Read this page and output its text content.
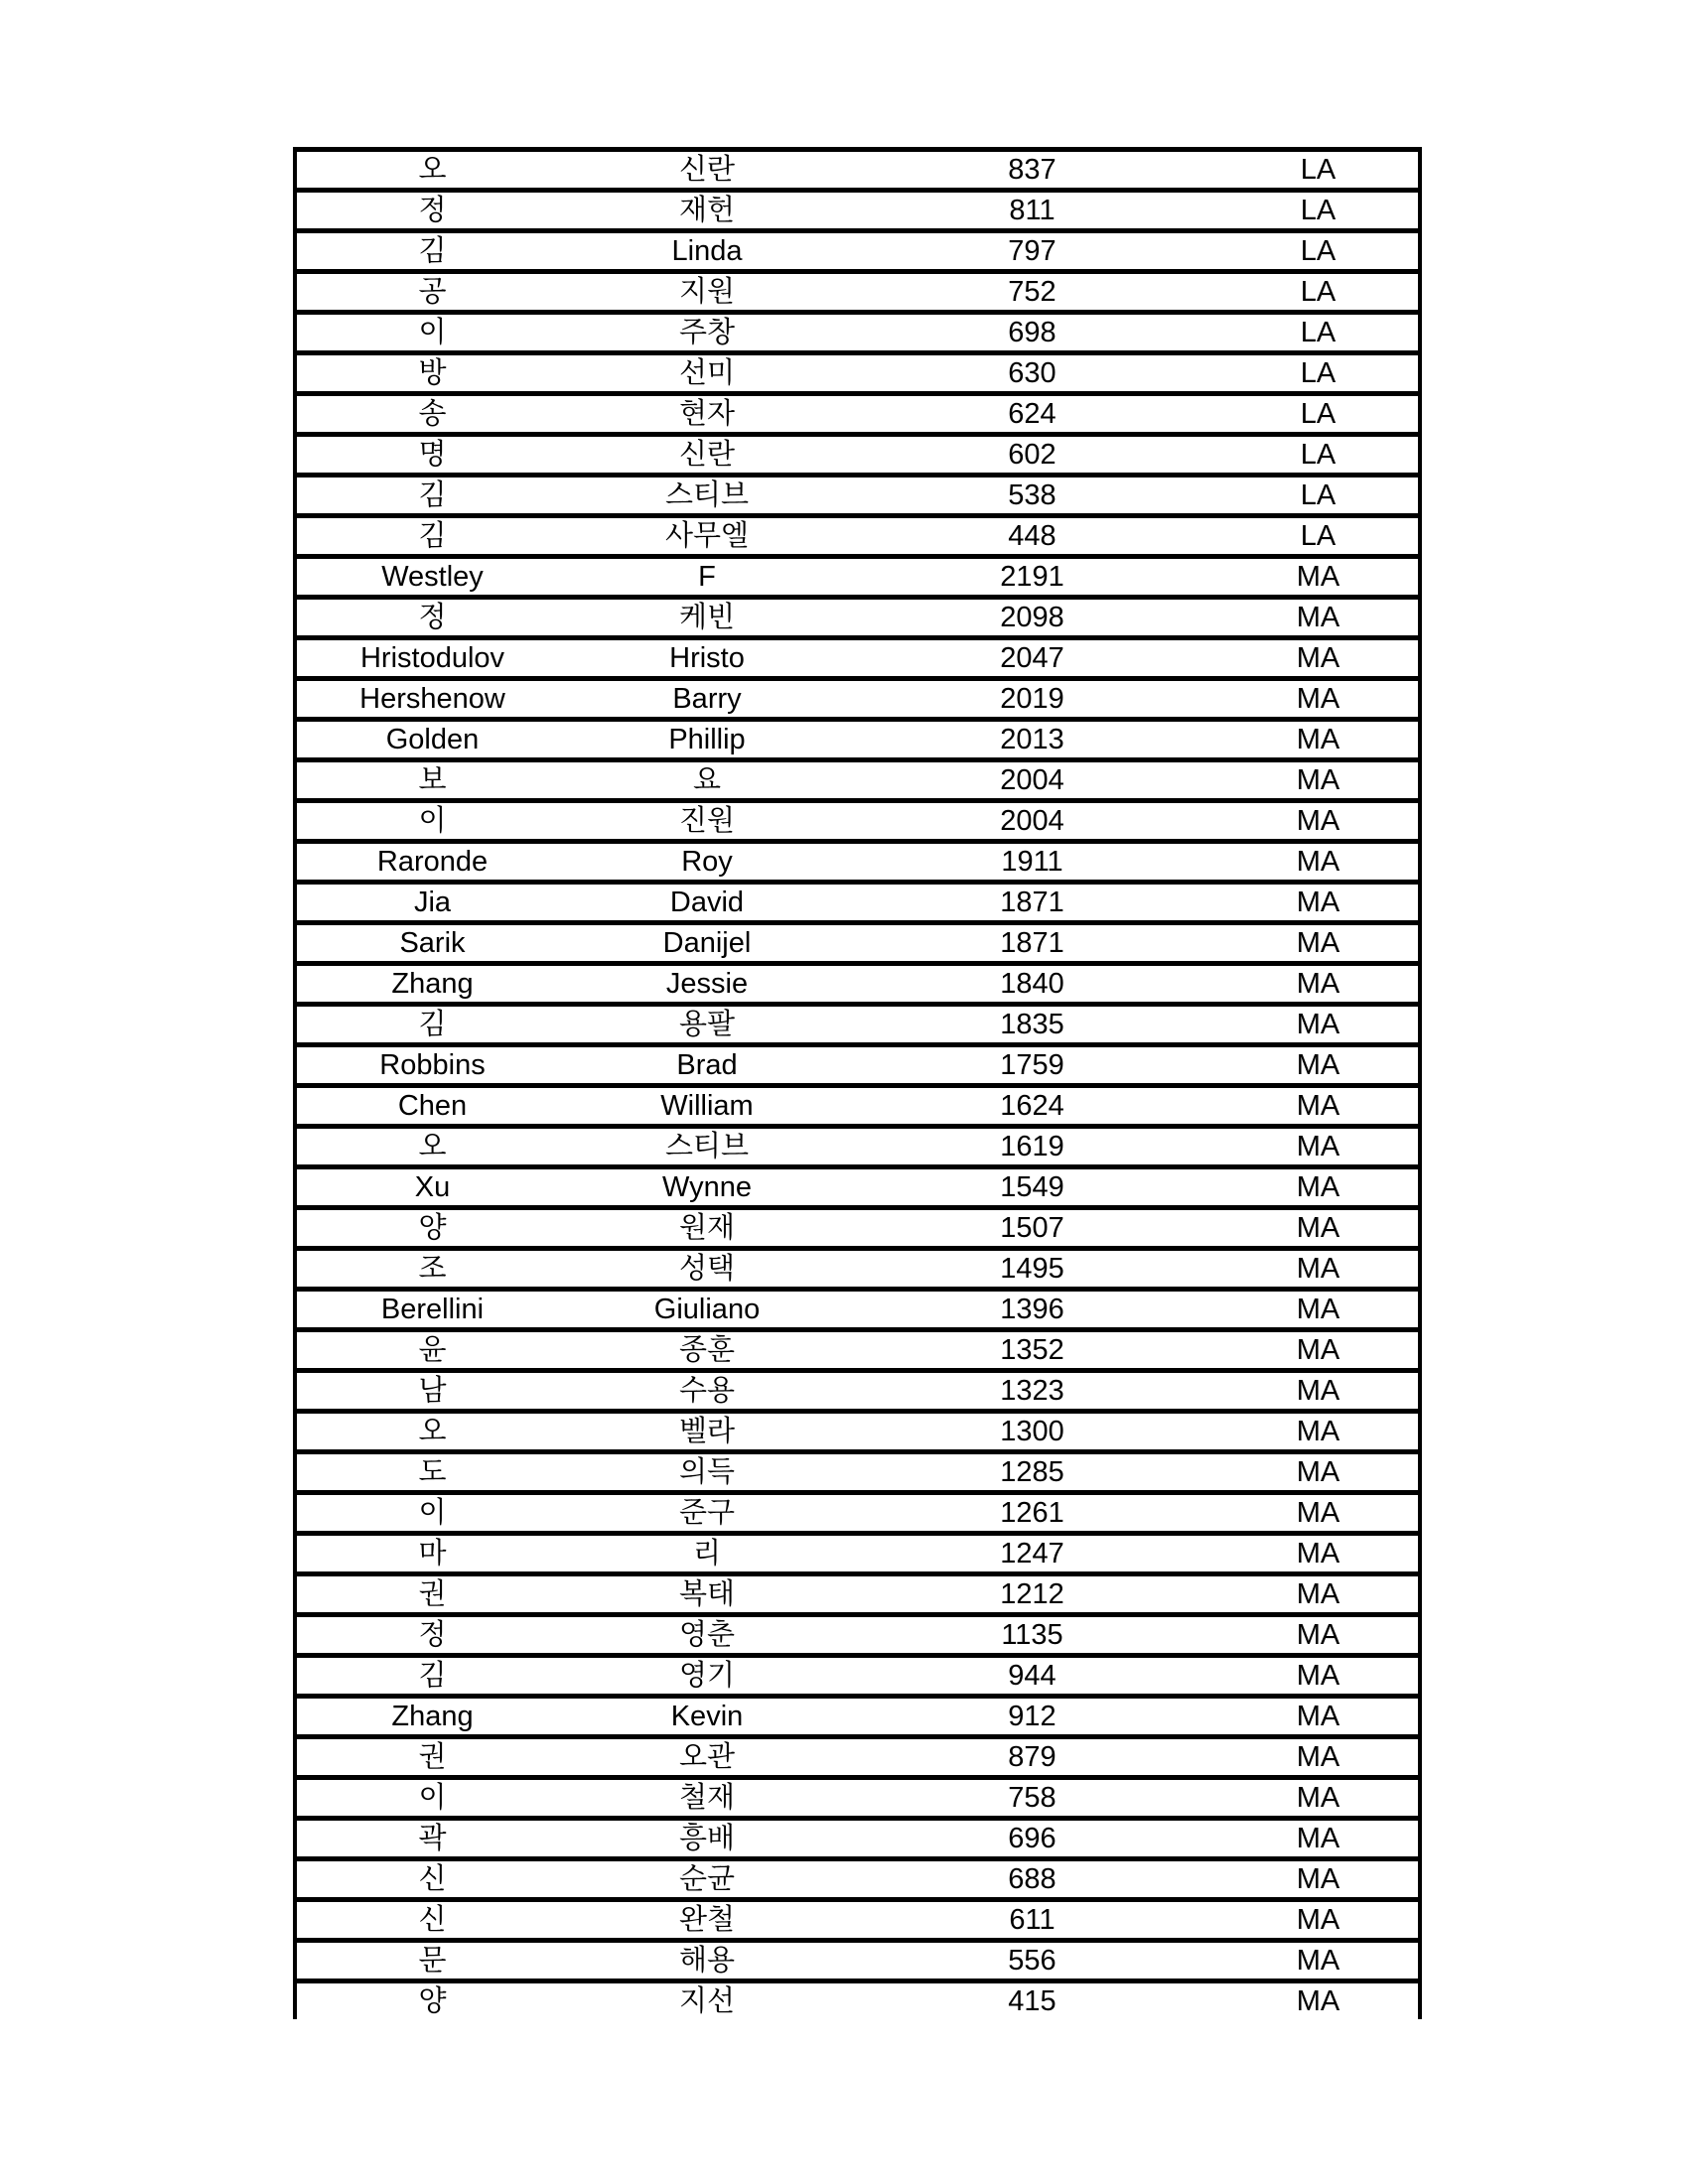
오	신란	837	LA
정	재헌	811	LA
김	Linda	797	LA
공	지원	752	LA
이	주창	698	LA
방	선미	630	LA
송	현자	624	LA
명	신란	602	LA
김	스티브	538	LA
김	사무엘	448	LA
Westley	F	2191	MA
정	케빈	2098	MA
Hristodulov	Hristo	2047	MA
Hershenow	Barry	2019	MA
Golden	Phillip	2013	MA
보	요	2004	MA
이	진원	2004	MA
Raronde	Roy	1911	MA
Jia	David	1871	MA
Sarik	Danijel	1871	MA
Zhang	Jessie	1840	MA
김	용팔	1835	MA
Robbins	Brad	1759	MA
Chen	William	1624	MA
오	스티브	1619	MA
Xu	Wynne	1549	MA
양	원재	1507	MA
조	성택	1495	MA
Berellini	Giuliano	1396	MA
윤	종훈	1352	MA
남	수용	1323	MA
오	벨라	1300	MA
도	의득	1285	MA
이	준구	1261	MA
마	리	1247	MA
권	복태	1212	MA
정	영춘	1135	MA
김	영기	944	MA
Zhang	Kevin	912	MA
권	오관	879	MA
이	철재	758	MA
곽	흥배	696	MA
신	순균	688	MA
신	완철	611	MA
문	해용	556	MA
양	지선	415	MA
